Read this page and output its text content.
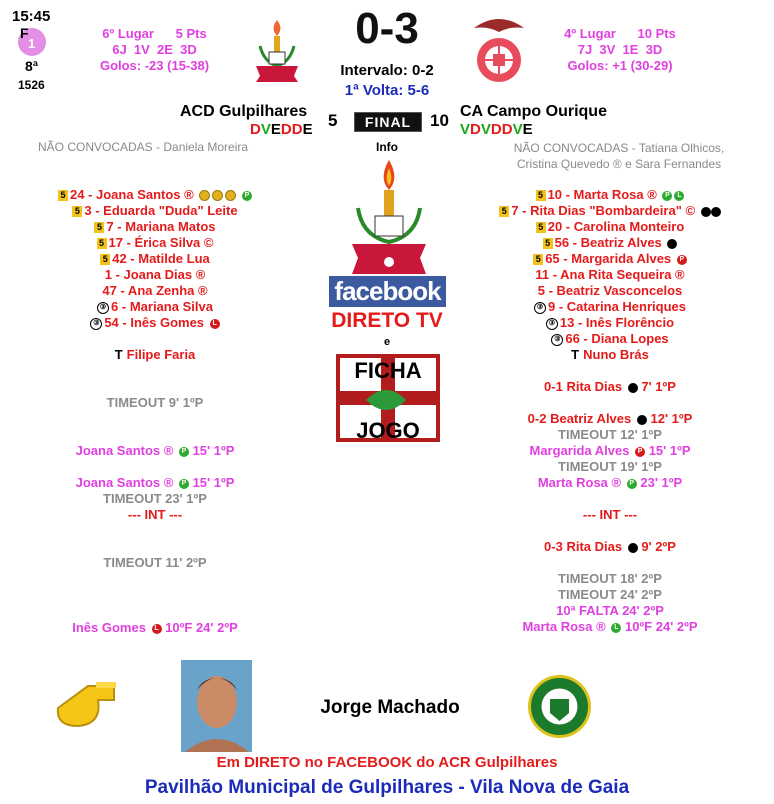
15:45
F
1
8ª
1526
6º Lugar      5 Pts
6J  1V  2E  3D
Golos: -23 (15-38)
0-3
Intervalo: 0-2
1ª Volta: 5-6
4º Lugar      10 Pts
7J  3V  1E  3D
Golos: +1 (30-29)
ACD Gulpilhares
DVEDDE 5	FINAL	10 CA Campo Ourique
VDVDDVE
Info
NÃO CONVOCADAS - Daniela Moreira	NÃO CONVOCADAS - Tatiana Olhicos,
Cristina Quevedo ® e Sara Fernandes
5 24 - Joana Santos ®	P
5 3 - Eduarda "Duda" Leite
5 7 - Mariana Matos
5 17 - Érica Silva ©
5 42 - Matilde Lua
1 - Joana Dias ®
47 - Ana Zenha ®
③ 6 - Mariana Silva
③ 54 - Inês Gomes L
T Filipe Faria
5 10 - Marta Rosa ® P L
5 7 - Rita Dias "Bombardeira" ©
5 20 - Carolina Monteiro
5 56 - Beatriz Alves
5 65 - Margarida Alves P
11 - Ana Rita Sequeira ®
5 - Beatriz Vasconcelos
③ 9 - Catarina Henriques
③ 13 - Inês Florêncio
③ 66 - Diana Lopes
T Nuno Brás
facebook
DIRETO TV
e
FICHA
JOGO
TIMEOUT 9' 1ºP
Joana Santos ® P 15' 1ºP
Joana Santos ® P 15' 1ºP
TIMEOUT 23' 1ºP
--- INT ---
TIMEOUT 11' 2ºP
Inês Gomes L 10ºF 24' 2ºP
0-1 Rita Dias 7' 1ºP
0-2 Beatriz Alves 12' 1ºP
TIMEOUT 12' 1ºP
Margarida Alves P 15' 1ºP
TIMEOUT 19' 1ºP
Marta Rosa ® P 23' 1ºP
--- INT ---
0-3 Rita Dias 9' 2ºP
TIMEOUT 18' 2ºP
TIMEOUT 24' 2ºP
10ª FALTA 24' 2ºP
Marta Rosa ® L 10ºF 24' 2ºP
Jorge Machado
Em DIRETO no FACEBOOK do ACR Gulpilhares
Pavilhão Municipal de Gulpilhares - Vila Nova de Gaia
